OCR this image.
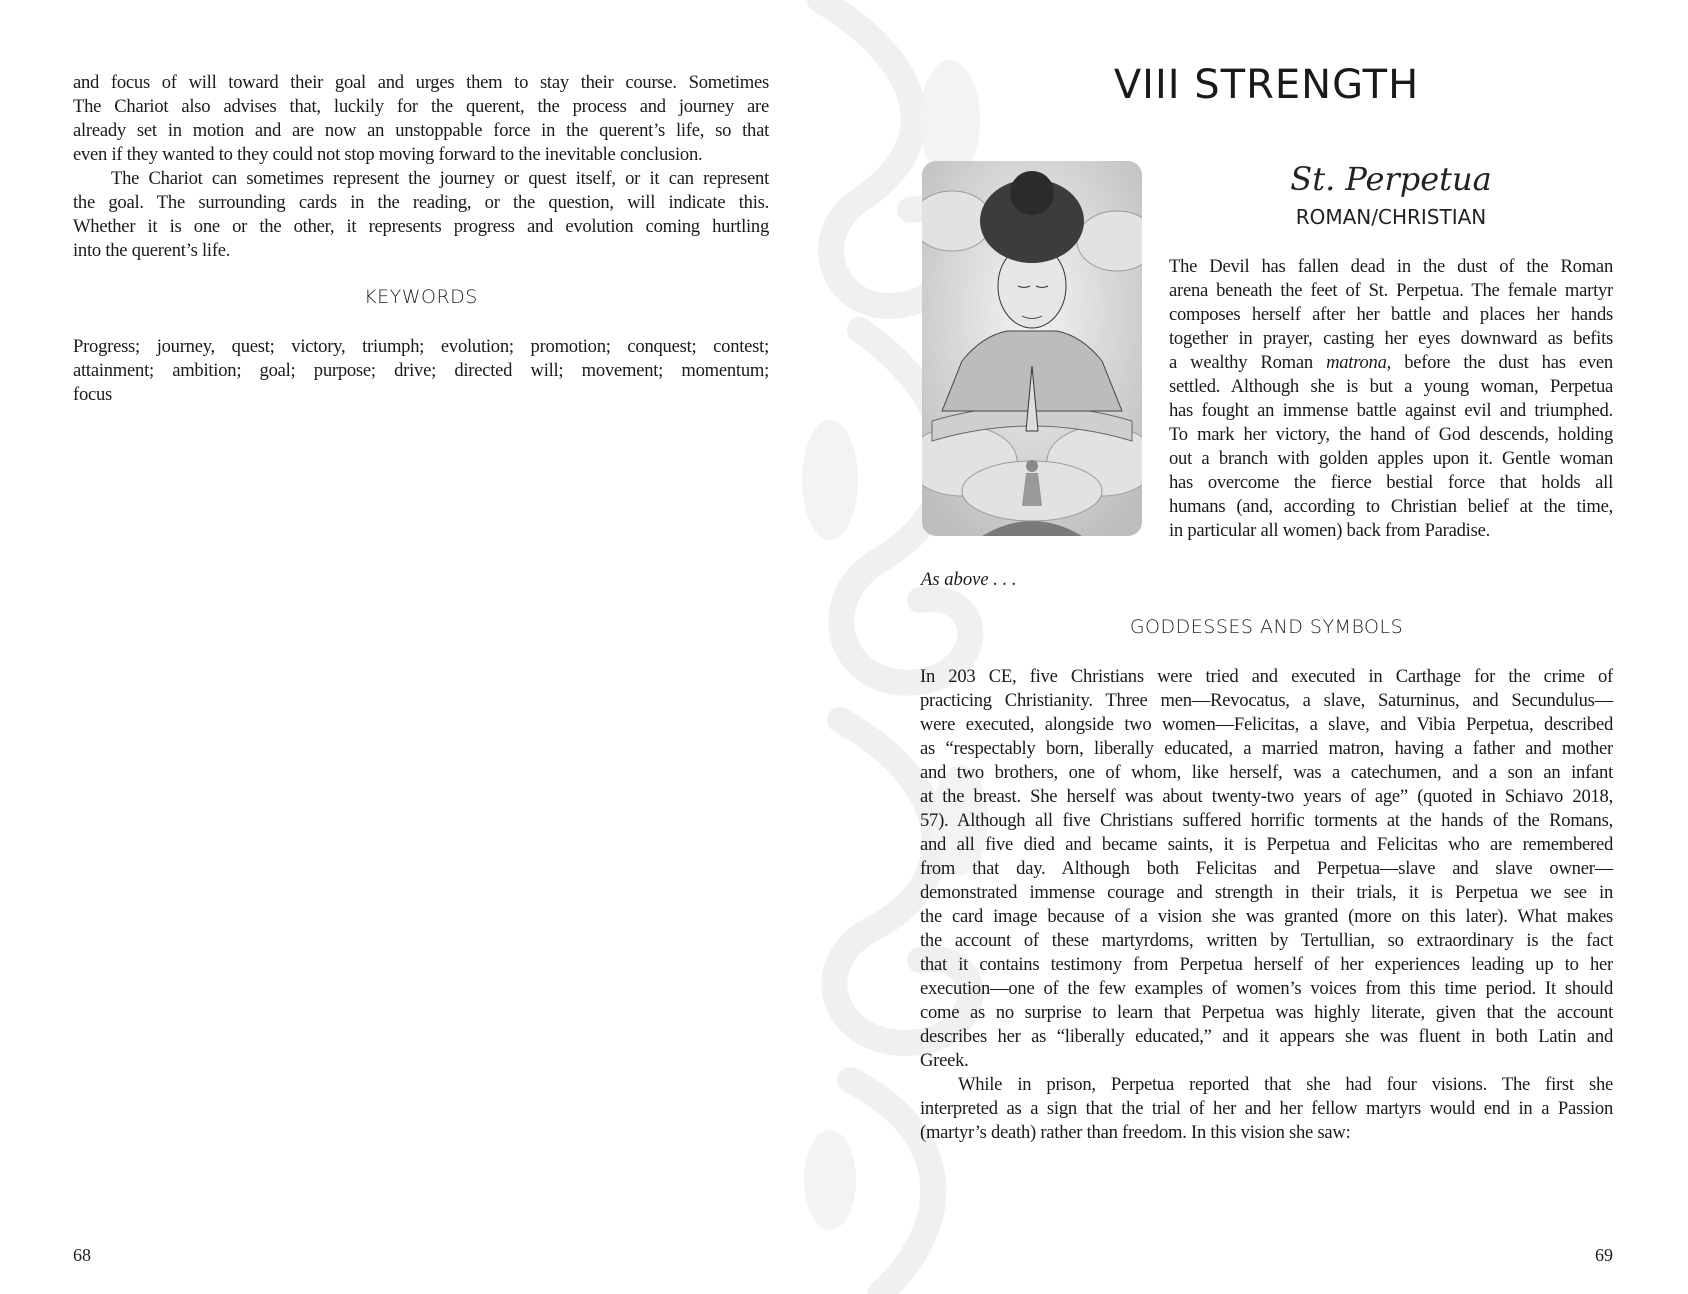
and focus of will toward their goal and urges them to stay their course. Sometimes
The Chariot also advises that, luckily for the querent, the process and journey are
already set in motion and are now an unstoppable force in the querent’s life, so that
even if they wanted to they could not stop moving forward to the inevitable conclusion.
The Chariot can sometimes represent the journey or quest itself, or it can represent
the goal. The surrounding cards in the reading, or the question, will indicate this.
Whether it is one or the other, it represents progress and evolution coming hurtling
into the querent’s life.
KEYWORDS
Progress; journey, quest; victory, triumph; evolution; promotion; conquest; contest;
attainment; ambition; goal; purpose; drive; directed will; movement; momentum;
focus
68
VIII STRENGTH
St. Perpetua
ROMAN/CHRISTIAN
The Devil has fallen dead in the dust of the Roman
arena beneath the feet of St. Perpetua. The female martyr
composes herself after her battle and places her hands
together in prayer, casting her eyes downward as befits
a wealthy Roman matrona, before the dust has even
settled. Although she is but a young woman, Perpetua
has fought an immense battle against evil and triumphed.
To mark her victory, the hand of God descends, holding
out a branch with golden apples upon it. Gentle woman
has overcome the fierce bestial force that holds all
humans (and, according to Christian belief at the time,
in particular all women) back from Paradise.
As above . . .
GODDESSES AND SYMBOLS
In 203 CE, five Christians were tried and executed in Carthage for the crime of
practicing Christianity. Three men—Revocatus, a slave, Saturninus, and Secundulus—
were executed, alongside two women—Felicitas, a slave, and Vibia Perpetua, described
as “respectably born, liberally educated, a married matron, having a father and mother
and two brothers, one of whom, like herself, was a catechumen, and a son an infant
at the breast. She herself was about twenty-two years of age” (quoted in Schiavo 2018,
57). Although all five Christians suffered horrific torments at the hands of the Romans,
and all five died and became saints, it is Perpetua and Felicitas who are remembered
from that day. Although both Felicitas and Perpetua—slave and slave owner—
demonstrated immense courage and strength in their trials, it is Perpetua we see in
the card image because of a vision she was granted (more on this later). What makes
the account of these martyrdoms, written by Tertullian, so extraordinary is the fact
that it contains testimony from Perpetua herself of her experiences leading up to her
execution—one of the few examples of women’s voices from this time period. It should
come as no surprise to learn that Perpetua was highly literate, given that the account
describes her as “liberally educated,” and it appears she was fluent in both Latin and
Greek.
While in prison, Perpetua reported that she had four visions. The first she
interpreted as a sign that the trial of her and her fellow martyrs would end in a Passion
(martyr’s death) rather than freedom. In this vision she saw:
69
